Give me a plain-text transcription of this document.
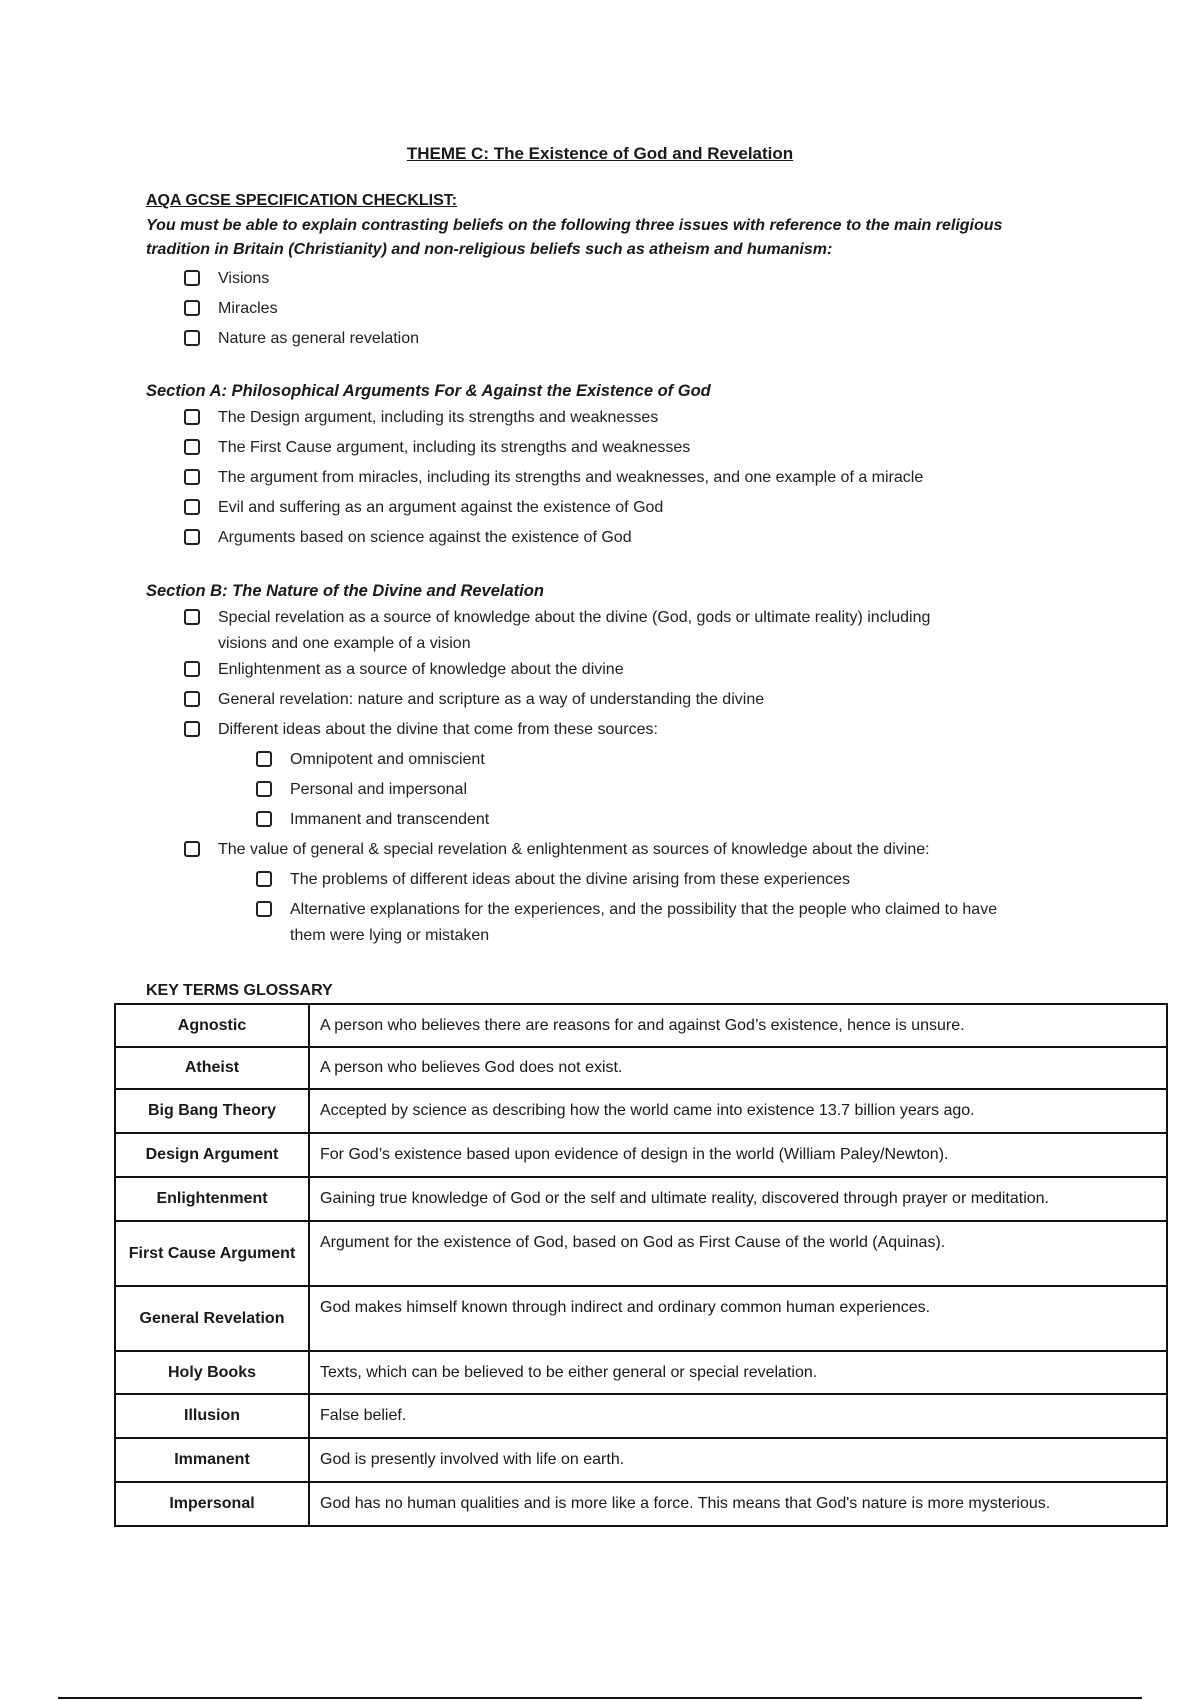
THEME C: The Existence of God and Revelation
AQA GCSE SPECIFICATION CHECKLIST:
You must be able to explain contrasting beliefs on the following three issues with reference to the main religious tradition in Britain (Christianity) and non-religious beliefs such as atheism and humanism:
Visions
Miracles
Nature as general revelation
Section A: Philosophical Arguments For & Against the Existence of God
The Design argument, including its strengths and weaknesses
The First Cause argument, including its strengths and weaknesses
The argument from miracles, including its strengths and weaknesses, and one example of a miracle
Evil and suffering as an argument against the existence of God
Arguments based on science against the existence of God
Section B: The Nature of the Divine and Revelation
Special revelation as a source of knowledge about the divine (God, gods or ultimate reality) including visions and one example of a vision
Enlightenment as a source of knowledge about the divine
General revelation: nature and scripture as a way of understanding the divine
Different ideas about the divine that come from these sources:
Omnipotent and omniscient
Personal and impersonal
Immanent and transcendent
The value of general & special revelation & enlightenment as sources of knowledge about the divine:
The problems of different ideas about the divine arising from these experiences
Alternative explanations for the experiences, and the possibility that the people who claimed to have them were lying or mistaken
KEY TERMS GLOSSARY
Agnostic	A person who believes there are reasons for and against God’s existence, hence is unsure.
Atheist	A person who believes God does not exist.
Big Bang Theory	Accepted by science as describing how the world came into existence 13.7 billion years ago.
Design Argument	For God’s existence based upon evidence of design in the world (William Paley/Newton).
Enlightenment	Gaining true knowledge of God or the self and ultimate reality, discovered through prayer or meditation.
First Cause Argument	Argument for the existence of God, based on God as First Cause of the world (Aquinas).
General Revelation	God makes himself known through indirect and ordinary common human experiences.
Holy Books	Texts, which can be believed to be either general or special revelation.
Illusion	False belief.
Immanent	God is presently involved with life on earth.
Impersonal	God has no human qualities and is more like a force. This means that God's nature is more mysterious.
